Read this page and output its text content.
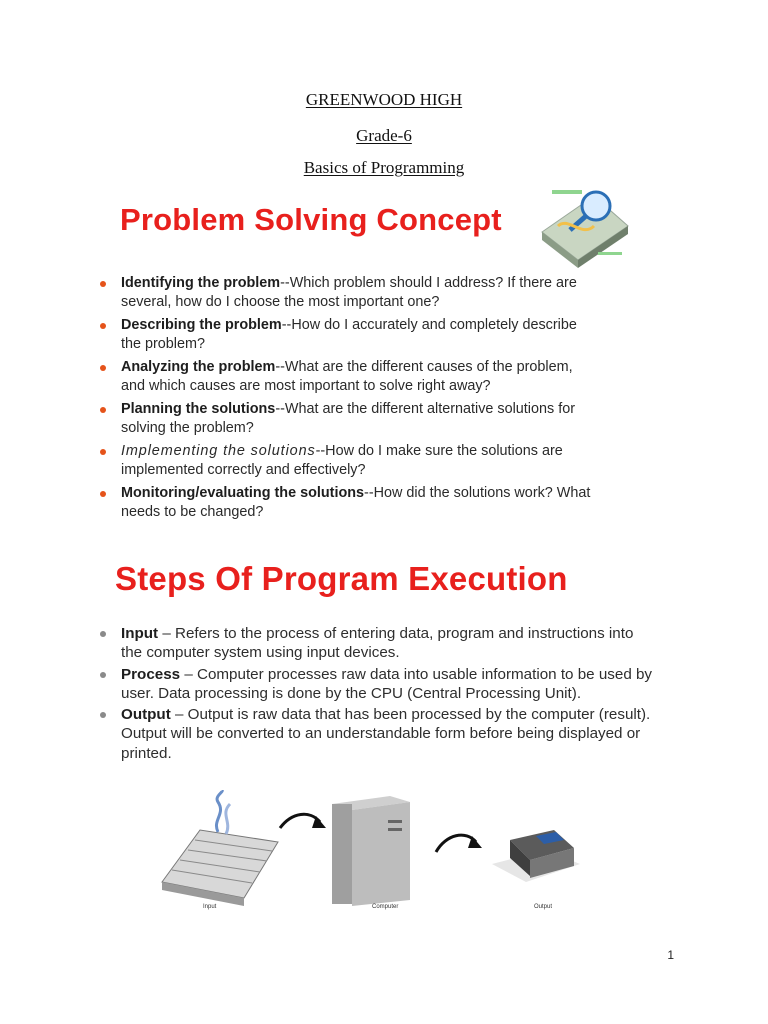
GREENWOOD HIGH
Grade-6
Basics of Programming
Problem Solving Concept
Identifying the problem--Which problem should I address? If there are several, how do I choose the most important one?
Describing the problem--How do I accurately and completely describe the problem?
Analyzing the problem--What are the different causes of the problem, and which causes are most important to solve right away?
Planning the solutions--What are the different alternative solutions for solving the problem?
Implementing the solutions--How do I make sure the solutions are implemented correctly and effectively?
Monitoring/evaluating the solutions--How did the solutions work? What needs to be changed?
Steps Of Program Execution
Input – Refers to the process of entering data, program and instructions into the computer system using input devices.
Process – Computer processes raw data into usable information to be used by user. Data processing is done by the CPU (Central Processing Unit).
Output – Output is raw data that has been processed by the computer (result). Output will be converted to an understandable form before being displayed or printed.
Input	Computer	Output
1
